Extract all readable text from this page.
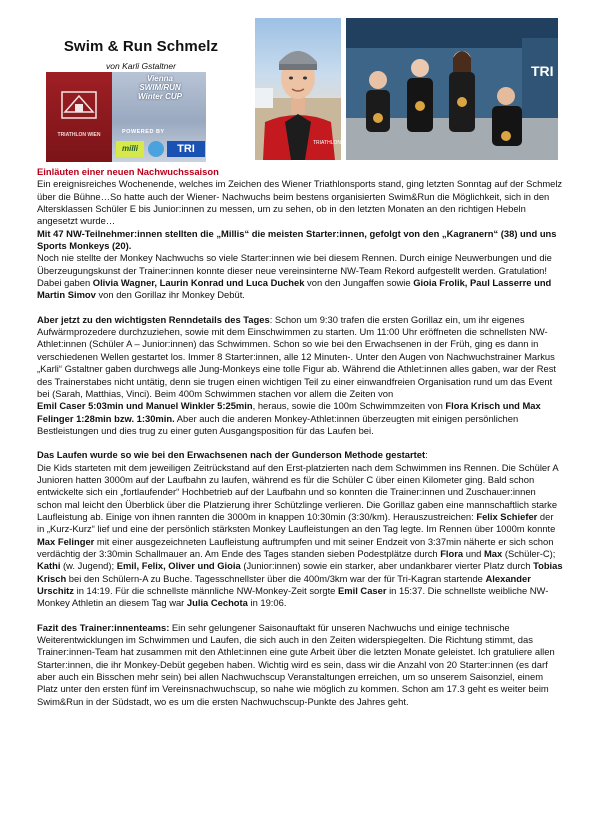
Swim & Run Schmelz
von Karli Gstaltner
TRIATHLON WIEN
Vienna
SWIM/RUN
Winter CUP
POWERED BY
milli	TRI	TRIATHLON
TRI

Einläuten einer neuen Nachwuchssaison

Ein ereignisreiches Wochenende, welches im Zeichen des Wiener Triathlonsports stand, ging letzten Sonntag auf der Schmelz über die Bühne…So hatte auch der Wiener- Nachwuchs beim bestens organisierten Swim&Run die Möglichkeit, sich in den Altersklassen Schüler E bis Junior:innen zu messen, um zu sehen, ob in den letzten Monaten an den richtigen Hebeln angesetzt wurde…

Mit 47 NW-Teilnehmer:innen stellten die „Millis“ die meisten Starter:innen, gefolgt von den „Kagranern“ (38) und uns Sports Monkeys (20).

Noch nie stellte der Monkey Nachwuchs so viele Starter:innen wie bei diesem Rennen. Durch einige Neuwerbungen und die Überzeugungskunst der Trainer:innen konnte dieser neue vereinsinterne NW-Team Rekord aufgestellt werden. Gratulation! Dabei gaben Olivia Wagner, Laurin Konrad und Luca Duchek von den Jungaffen sowie Gioia Frolik, Paul Lasserre und Martin Simov von den Gorillaz ihr Monkey Debüt.

Aber jetzt zu den wichtigsten Renndetails des Tages: Schon um 9:30 trafen die ersten Gorillaz ein, um ihr eigenes Aufwärmprozedere durchzuziehen, sowie mit dem Einschwimmen zu starten. Um 11:00 Uhr eröffneten die schnellsten NW- Athlet:innen (Schüler A – Junior:innen) das Schwimmen. Schon so wie bei den Erwachsenen in der Früh, ging es dann in verschiedenen Wellen gestartet los. Immer 8 Starter:innen, alle 12 Minuten-. Unter den Augen von Nachwuchstrainer Markus „Karli“ Gstaltner gaben durchwegs alle Jung-Monkeys eine tolle Figur ab. Während die Athlet:innen alles gaben, war der Rest des Trainerstabes nicht untätig, denn sie trugen einen wichtigen Teil zu einer einwandfreien Organisation rund um das Event bei (Sarah, Matthias, Vinci). Beim 400m Schwimmen stachen vor allem die Zeiten von

Emil Caser 5:03min und Manuel Winkler 5:25min, heraus, sowie die 100m Schwimmzeiten von Flora Krisch und Max Felinger 1:28min bzw. 1:30min. Aber auch die anderen Monkey-Athlet:innen überzeugten mit einigen persönlichen Bestleistungen und dies trug zu einer guten Ausgangsposition für das Laufen bei.

Das Laufen wurde so wie bei den Erwachsenen nach der Gunderson Methode gestartet:
Die Kids starteten mit dem jeweiligen Zeitrückstand auf den Erst-platzierten nach dem Schwimmen ins Rennen. Die Schüler A Junioren hatten 3000m auf der Laufbahn zu laufen, während es für die Schüler C über einen Kilometer ging. Bald schon entwickelte sich ein „fortlaufender“ Hochbetrieb auf der Laufbahn und so konnten die Trainer:innen und Zuschauer:innen schon mal leicht den Überblick über die Platzierung ihrer Schützlinge verlieren. Die Gorillaz gaben eine mannschaftlich starke Laufleistung ab. Einige von ihnen rannten die 3000m in knappen 10:30min (3:30/km). Herauszustreichen: Felix Schiefer der in „Kurz-Kurz“ lief und eine der persönlich stärksten Monkey Laufleistungen an den Tag legte. Im Rennen über 1000m konnte Max Felinger mit einer ausgezeichneten Laufleistung auftrumpfen und mit seiner Endzeit von 3:37min näherte er sich schon verdächtig der 3:30min Schallmauer an. Am Ende des Tages standen sieben Podestplätze durch Flora und Max (Schüler-C); Kathi (w. Jugend); Emil, Felix, Oliver und Gioia (Junior:innen) sowie ein starker, aber undankbarer vierter Platz durch Tobias Krisch bei den Schülern-A zu Buche. Tagesschnellster über die 400m/3km war der für Tri-Kagran startende Alexander Urschitz in 14:19. Für die schnellste männliche NW-Monkey-Zeit sorgte Emil Caser in 15:37. Die schnellste weibliche NW- Monkey Athletin an diesem Tag war Julia Cechota in 19:06.

Fazit des Trainer:innenteams: Ein sehr gelungener Saisonauftakt für unseren Nachwuchs und einige technische Weiterentwicklungen im Schwimmen und Laufen, die sich auch in den Zeiten widerspiegelten. Die Richtung stimmt, das Trainer:innen-Team hat zusammen mit den Athlet:innen eine gute Arbeit über die letzten Monate geleistet. Ich gratuliere allen Starter:innen, die ihr Monkey-Debüt gegeben haben. Wichtig wird es sein, dass wir die Anzahl von 20 Starter:innen (es darf aber auch ein Bisschen mehr sein) bei allen Nachwuchscup Veranstaltungen erreichen, um so unserem Saisonziel, einem Platz unter den ersten fünf im Vereinsnachwuchscup, so nahe wie möglich zu kommen. Schon am 17.3 geht es weiter beim Swim&Run in der Südstadt, wo es um die ersten Nachwuchscup-Punkte des Jahres geht.
